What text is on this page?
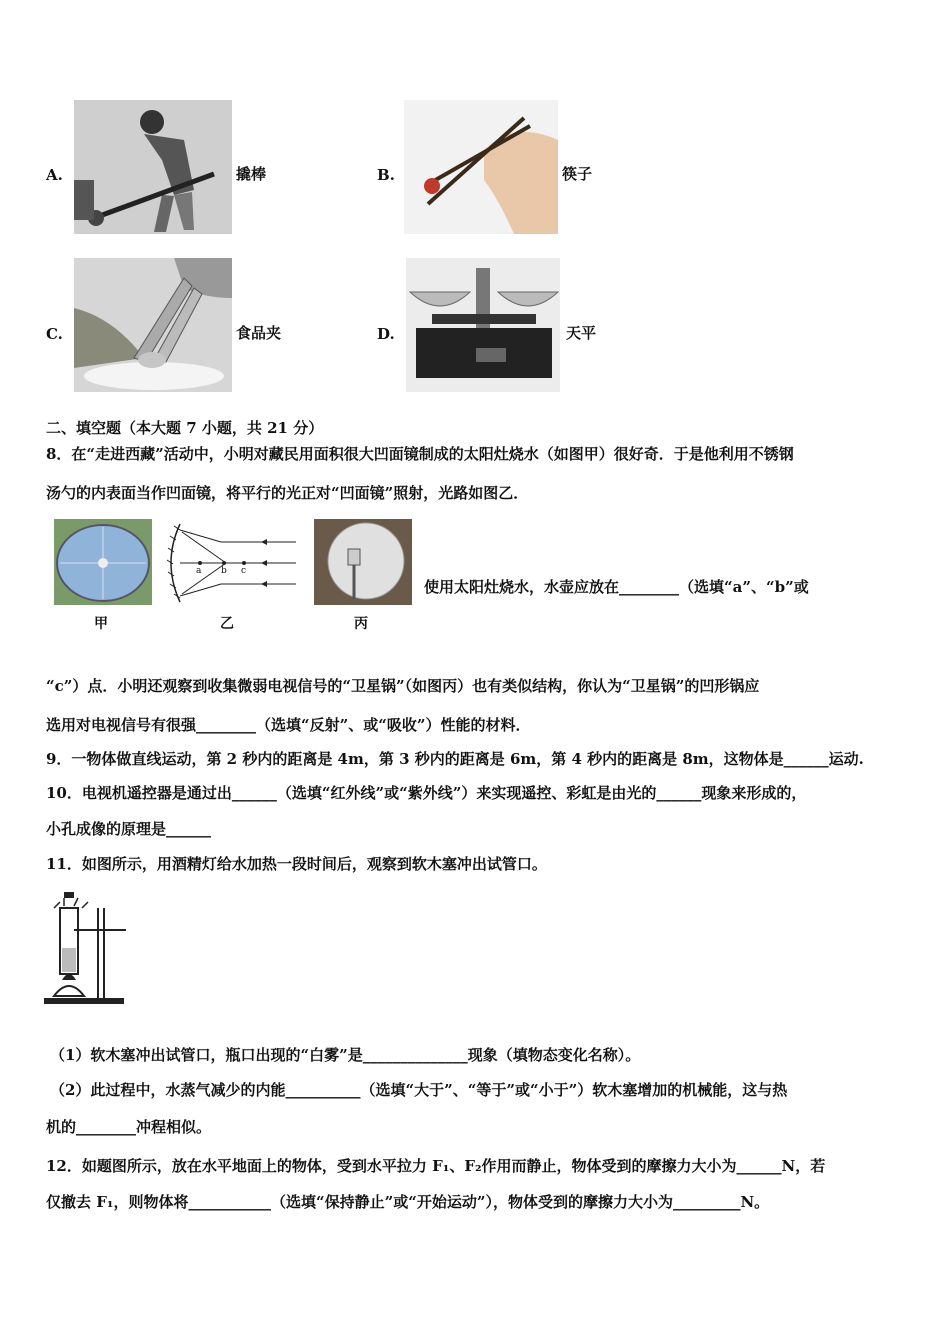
A.	撬棒	B.	筷子
C.	食品夹	D.	天平
二、填空题（本大题 7 小题，共 21 分）
8．在“走进西藏”活动中，小明对藏民用面积很大凹面镜制成的太阳灶烧水（如图甲）很好奇．于是他利用不锈钢
汤勺的内表面当作凹面镜，将平行的光正对“凹面镜”照射，光路如图乙．
甲
a b c
乙	丙
使用太阳灶烧水，水壶应放在________（选填“a”、“b”或
“c”）点．小明还观察到收集微弱电视信号的“卫星锅”（如图丙）也有类似结构，你认为“卫星锅”的凹形锅应
选用对电视信号有很强________（选填“反射”、或“吸收”）性能的材料．
9．一物体做直线运动，第 2 秒内的距离是 4m，第 3 秒内的距离是 6m，第 4 秒内的距离是 8m，这物体是______运动.
10．电视机遥控器是通过出______（选填“红外线”或“紫外线”）来实现遥控、彩虹是由光的______现象来形成的，
小孔成像的原理是______
11．如图所示，用酒精灯给水加热一段时间后，观察到软木塞冲出试管口。
（1）软木塞冲出试管口，瓶口出现的“白雾”是______________现象（填物态变化名称）。
（2）此过程中，水蒸气减少的内能__________（选填“大于”、“等于”或“小于”）软木塞增加的机械能，这与热
机的________冲程相似。
12．如题图所示，放在水平地面上的物体，受到水平拉力 F₁、F₂作用而静止，物体受到的摩擦力大小为______N，若
仅撤去 F₁，则物体将___________（选填“保持静止”或“开始运动”），物体受到的摩擦力大小为_________N。
